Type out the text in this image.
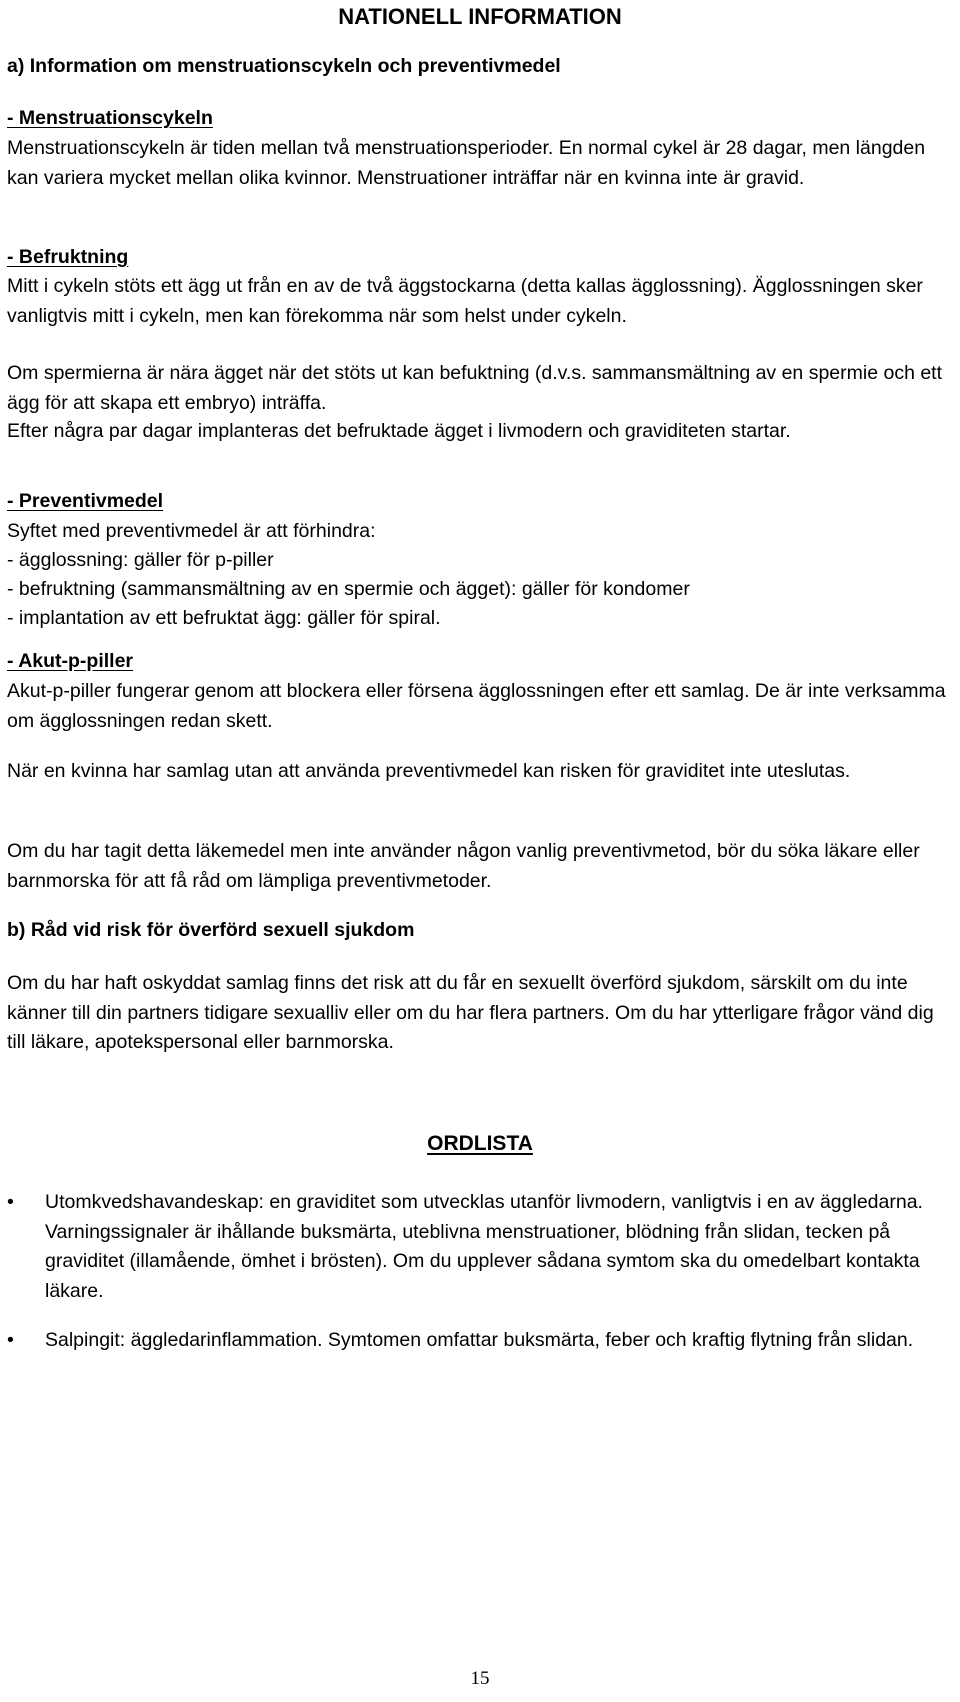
NATIONELL INFORMATION

a) Information om menstruationscykeln och preventivmedel

- Menstruationscykeln

Menstruationscykeln är tiden mellan två menstruationsperioder. En normal cykel är 28 dagar, men längden kan variera mycket mellan olika kvinnor. Menstruationer inträffar när en kvinna inte är gravid.

- Befruktning

Mitt i cykeln stöts ett ägg ut från en av de två äggstockarna (detta kallas ägglossning). Ägglossningen sker vanligtvis mitt i cykeln, men kan förekomma när som helst under cykeln.

Om spermierna är nära ägget när det stöts ut kan befuktning (d.v.s. sammansmältning av en spermie och ett ägg för att skapa ett embryo) inträffa.

Efter några par dagar implanteras det befruktade ägget i livmodern och graviditeten startar.

- Preventivmedel

Syftet med preventivmedel är att förhindra:

- ägglossning: gäller för p-piller

- befruktning (sammansmältning av en spermie och ägget): gäller för kondomer

- implantation av ett befruktat ägg: gäller för spiral.

- Akut-p-piller

Akut-p-piller fungerar genom att blockera eller försena ägglossningen efter ett samlag. De är inte verksamma om ägglossningen redan skett.

När en kvinna har samlag utan att använda preventivmedel kan risken för graviditet inte uteslutas.

Om du har tagit detta läkemedel men inte använder någon vanlig preventivmetod, bör du söka läkare eller barnmorska för att få råd om lämpliga preventivmetoder.

b) Råd vid risk för överförd sexuell sjukdom

Om du har haft oskyddat samlag finns det risk att du får en sexuellt överförd sjukdom, särskilt om du inte känner till din partners tidigare sexualliv eller om du har flera partners. Om du har ytterligare frågor vänd dig till läkare, apotekspersonal eller barnmorska.

ORDLISTA
•	Utomkvedshavandeskap: en graviditet som utvecklas utanför livmodern, vanligtvis i en av äggledarna. Varningssignaler är ihållande buksmärta, uteblivna menstruationer, blödning från slidan, tecken på graviditet (illamående, ömhet i brösten). Om du upplever sådana symtom ska du omedelbart kontakta läkare.
•	Salpingit: äggledarinflammation. Symtomen omfattar buksmärta, feber och kraftig flytning från slidan.
15
